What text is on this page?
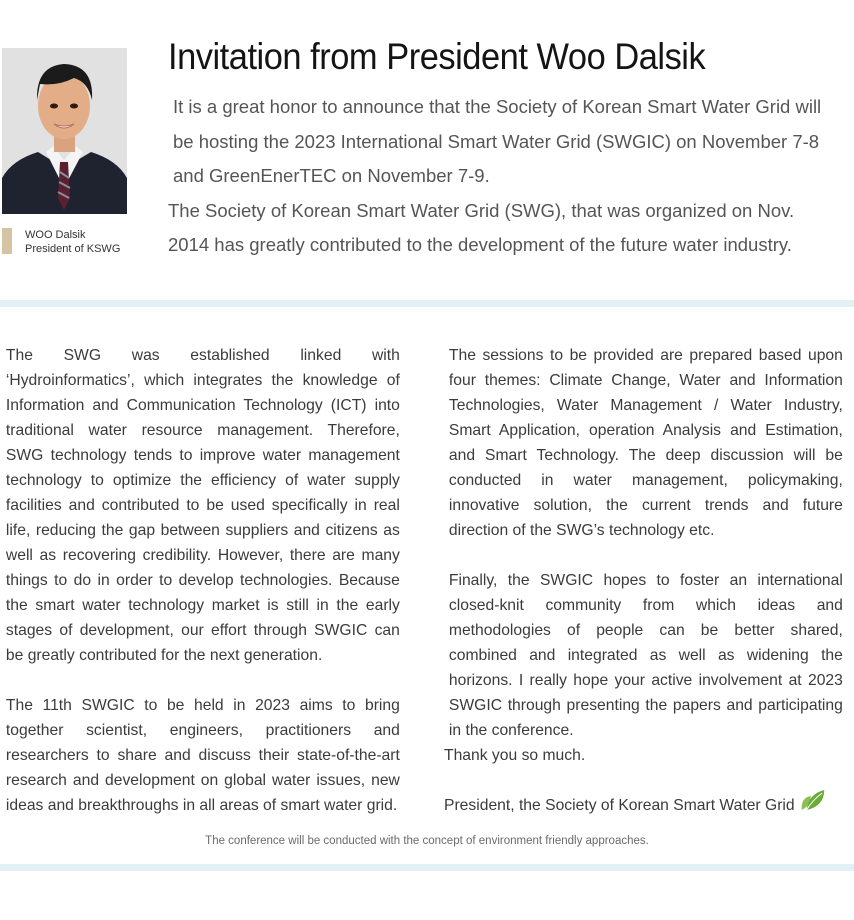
WOO Dalsik
President of KSWG
Invitation from President Woo Dalsik

It is a great honor to announce that the Society of Korean Smart Water Grid will be hosting the 2023 International Smart Water Grid (SWGIC) on November 7-8 and GreenEnerTEC on November 7-9.

The Society of Korean Smart Water Grid (SWG), that was organized on Nov. 2014 has greatly contributed to the development of the future water industry.

The SWG was established linked with ‘Hydroinformatics’, which integrates the knowledge of Information and Communication Technology (ICT) into traditional water resource management. Therefore, SWG technology tends to improve water management technology to optimize the efficiency of water supply facilities and contributed to be used specifically in real life, reducing the gap between suppliers and citizens as well as recovering credibility. However, there are many things to do in order to develop technologies. Because the smart water technology market is still in the early stages of development, our effort through SWGIC can be greatly contributed for the next generation.

The 11th SWGIC to be held in 2023 aims to bring together scientist, engineers, practitioners and researchers to share and discuss their state-of-the-art research and development on global water issues, new ideas and breakthroughs in all areas of smart water grid.

The sessions to be provided are prepared based upon four themes: Climate Change, Water and Information Technologies, Water Management / Water Industry, Smart Application, operation Analysis and Estimation, and Smart Technology. The deep discussion will be conducted in water management, policymaking, innovative solution, the current trends and future direction of the SWG’s technology etc.

Finally, the SWGIC hopes to foster an international closed-knit community from which ideas and methodologies of people can be better shared, combined and integrated as well as widening the horizons. I really hope your active involvement at 2023 SWGIC through presenting the papers and participating in the conference.

Thank you so much.

President, the Society of Korean Smart Water Grid
The conference will be conducted with the concept of environment friendly approaches.
